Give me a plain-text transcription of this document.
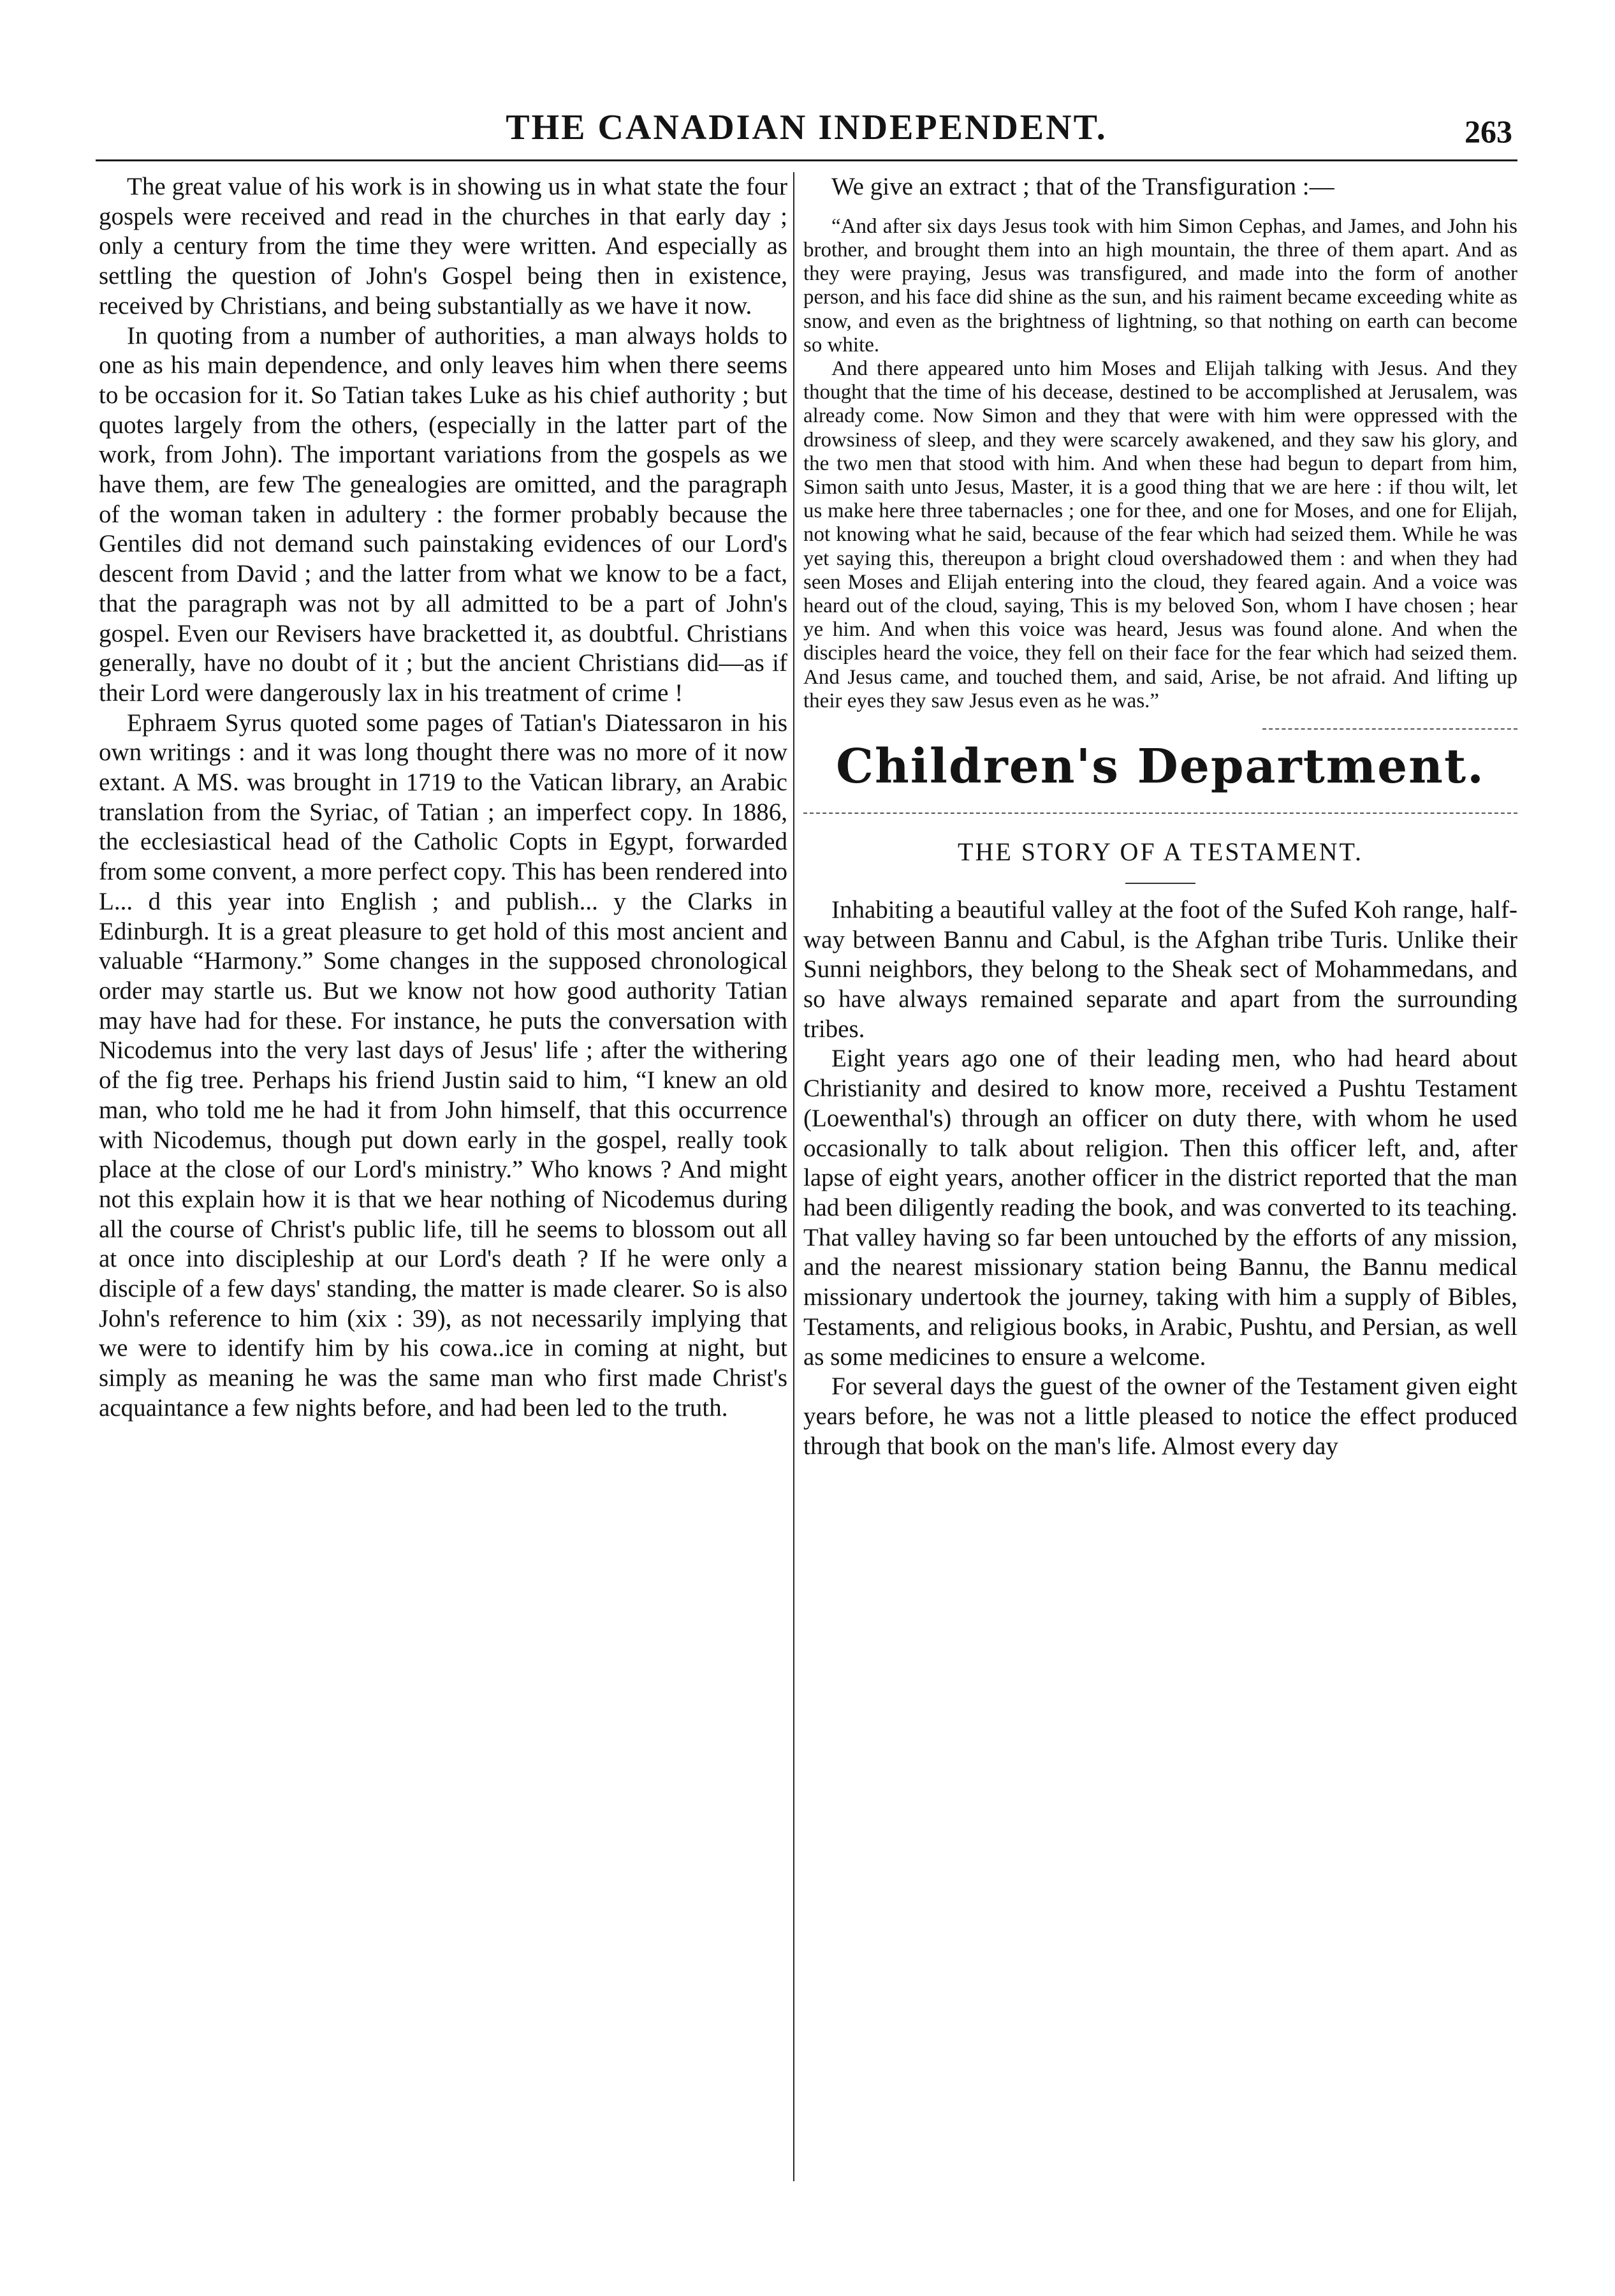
THE CANADIAN INDEPENDENT.	263

The great value of his work is in showing us in what state the four gospels were received and read in the churches in that early day ; only a century from the time they were written. And especially as settling the question of John's Gospel being then in existence, received by Christians, and being substantially as we have it now.

In quoting from a number of authorities, a man always holds to one as his main dependence, and only leaves him when there seems to be occasion for it. So Tatian takes Luke as his chief authority ; but quotes largely from the others, (especially in the latter part of the work, from John). The important variations from the gospels as we have them, are few The genealogies are omitted, and the paragraph of the woman taken in adultery : the former probably because the Gentiles did not demand such painstaking evidences of our Lord's descent from David ; and the latter from what we know to be a fact, that the paragraph was not by all admitted to be a part of John's gospel. Even our Revisers have bracketted it, as doubtful. Christians generally, have no doubt of it ; but the ancient Christians did—as if their Lord were dangerously lax in his treatment of crime !

Ephraem Syrus quoted some pages of Tatian's Diatessaron in his own writings : and it was long thought there was no more of it now extant. A MS. was brought in 1719 to the Vatican library, an Arabic translation from the Syriac, of Tatian ; an imperfect copy. In 1886, the ecclesiastical head of the Catholic Copts in Egypt, forwarded from some convent, a more perfect copy. This has been rendered into L... d this year into English ; and publish... y the Clarks in Edinburgh. It is a great pleasure to get hold of this most ancient and valuable “Harmony.” Some changes in the supposed chronological order may startle us. But we know not how good authority Tatian may have had for these. For instance, he puts the conversation with Nicodemus into the very last days of Jesus' life ; after the withering of the fig tree. Perhaps his friend Justin said to him, “I knew an old man, who told me he had it from John himself, that this occurrence with Nicodemus, though put down early in the gospel, really took place at the close of our Lord's ministry.” Who knows ? And might not this explain how it is that we hear nothing of Nicodemus during all the course of Christ's public life, till he seems to blossom out all at once into discipleship at our Lord's death ? If he were only a disciple of a few days' standing, the matter is made clearer. So is also John's reference to him (xix : 39), as not necessarily implying that we were to identify him by his cowa..ice in coming at night, but simply as meaning he was the same man who first made Christ's acquaintance a few nights before, and had been led to the truth.

We give an extract ; that of the Transfiguration :—

“And after six days Jesus took with him Simon Cephas, and James, and John his brother, and brought them into an high mountain, the three of them apart. And as they were praying, Jesus was transfigured, and made into the form of another person, and his face did shine as the sun, and his raiment became exceeding white as snow, and even as the brightness of lightning, so that nothing on earth can become so white.

And there appeared unto him Moses and Elijah talking with Jesus. And they thought that the time of his decease, destined to be accomplished at Jerusalem, was already come. Now Simon and they that were with him were oppressed with the drowsiness of sleep, and they were scarcely awakened, and they saw his glory, and the two men that stood with him. And when these had begun to depart from him, Simon saith unto Jesus, Master, it is a good thing that we are here : if thou wilt, let us make here three tabernacles ; one for thee, and one for Moses, and one for Elijah, not knowing what he said, because of the fear which had seized them. While he was yet saying this, thereupon a bright cloud overshadowed them : and when they had seen Moses and Elijah entering into the cloud, they feared again. And a voice was heard out of the cloud, saying, This is my beloved Son, whom I have chosen ; hear ye him. And when this voice was heard, Jesus was found alone. And when the disciples heard the voice, they fell on their face for the fear which had seized them. And Jesus came, and touched them, and said, Arise, be not afraid. And lifting up their eyes they saw Jesus even as he was.”

Children's Department.
THE STORY OF A TESTAMENT.

Inhabiting a beautiful valley at the foot of the Sufed Koh range, half-way between Bannu and Cabul, is the Afghan tribe Turis. Unlike their Sunni neighbors, they belong to the Sheak sect of Mohammedans, and so have always remained separate and apart from the surrounding tribes.

Eight years ago one of their leading men, who had heard about Christianity and desired to know more, received a Pushtu Testament (Loewenthal's) through an officer on duty there, with whom he used occasionally to talk about religion. Then this officer left, and, after lapse of eight years, another officer in the district reported that the man had been diligently reading the book, and was converted to its teaching. That valley having so far been untouched by the efforts of any mission, and the nearest missionary station being Bannu, the Bannu medical missionary undertook the journey, taking with him a supply of Bibles, Testaments, and religious books, in Arabic, Pushtu, and Persian, as well as some medicines to ensure a welcome.

For several days the guest of the owner of the Testament given eight years before, he was not a little pleased to notice the effect produced through that book on the man's life. Almost every day
